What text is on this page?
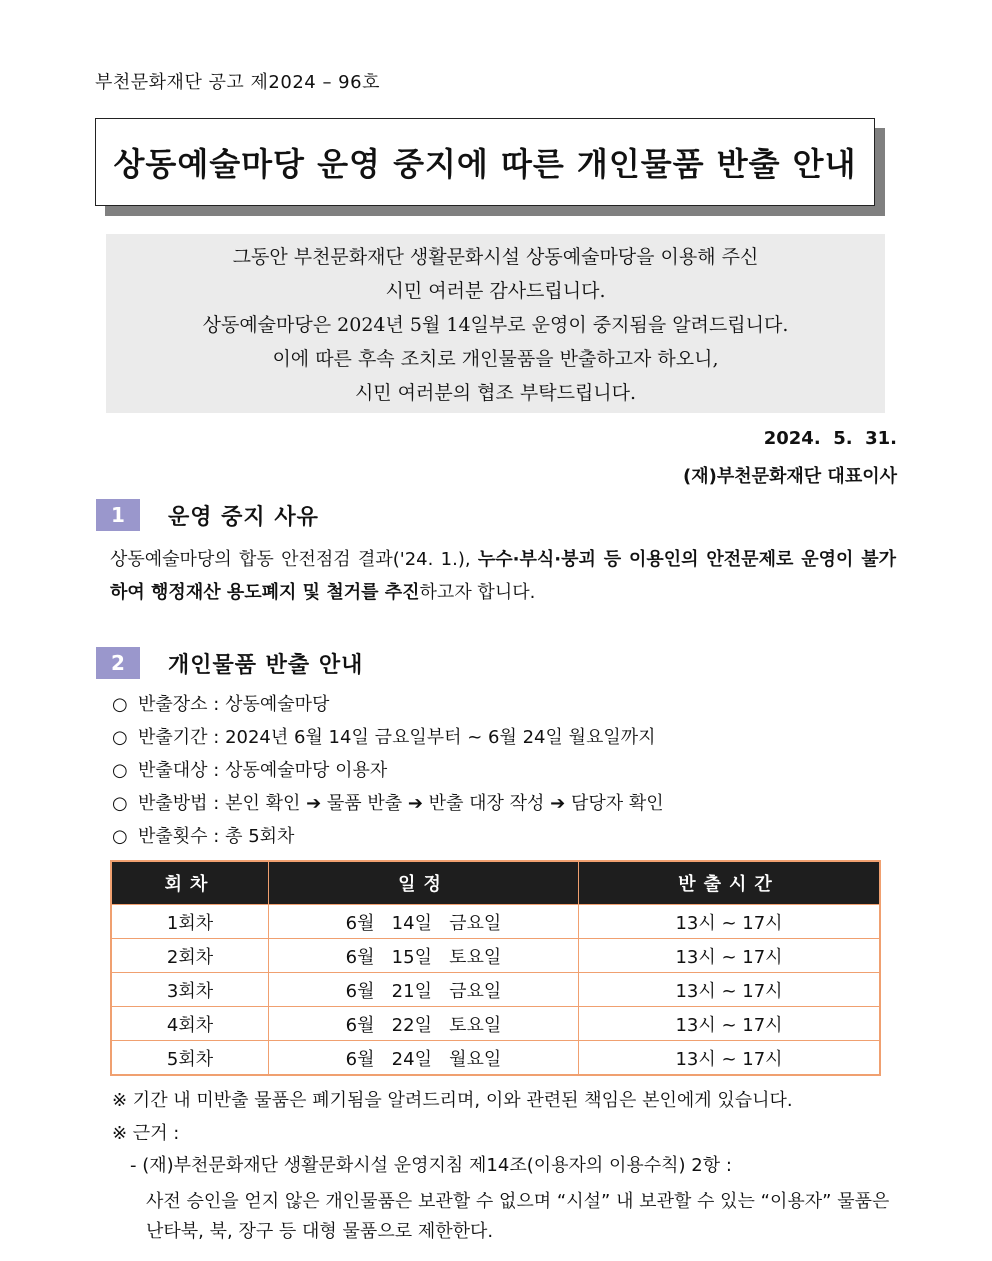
부천문화재단 공고 제2024 – 96호
상동예술마당 운영 중지에 따른 개인물품 반출 안내
그동안 부천문화재단 생활문화시설 상동예술마당을 이용해 주신
시민 여러분 감사드립니다.
상동예술마당은 2024년 5월 14일부로 운영이 중지됨을 알려드립니다.
이에 따른 후속 조치로 개인물품을 반출하고자 하오니,
시민 여러분의 협조 부탁드립니다.
2024.  5.  31.
(재)부천문화재단 대표이사
1	운영 중지 사유
상동예술마당의 합동 안전점검 결과('24. 1.), 누수·부식·붕괴 등 이용인의 안전문제로 운영이 불가하여 행정재산 용도폐지 및 철거를 추진하고자 합니다.
2	개인물품 반출 안내
○ 반출장소 : 상동예술마당
○ 반출기간 : 2024년 6월 14일 금요일부터 ~ 6월 24일 월요일까지
○ 반출대상 : 상동예술마당 이용자
○ 반출방법 : 본인 확인 ➔ 물품 반출 ➔ 반출 대장 작성 ➔ 담당자 확인
○ 반출횟수 : 총 5회차
회차	일정	반출시간
1회차	6월   14일   금요일	13시 ~ 17시
2회차	6월   15일   토요일	13시 ~ 17시
3회차	6월   21일   금요일	13시 ~ 17시
4회차	6월   22일   토요일	13시 ~ 17시
5회차	6월   24일   월요일	13시 ~ 17시
※ 기간 내 미반출 물품은 폐기됨을 알려드리며, 이와 관련된 책임은 본인에게 있습니다.
※ 근거 :
- (재)부천문화재단 생활문화시설 운영지침 제14조(이용자의 이용수칙) 2항 :
사전 승인을 얻지 않은 개인물품은 보관할 수 없으며 “시설” 내 보관할 수 있는 “이용자” 물품은 난타북, 북, 장구 등 대형 물품으로 제한한다.
